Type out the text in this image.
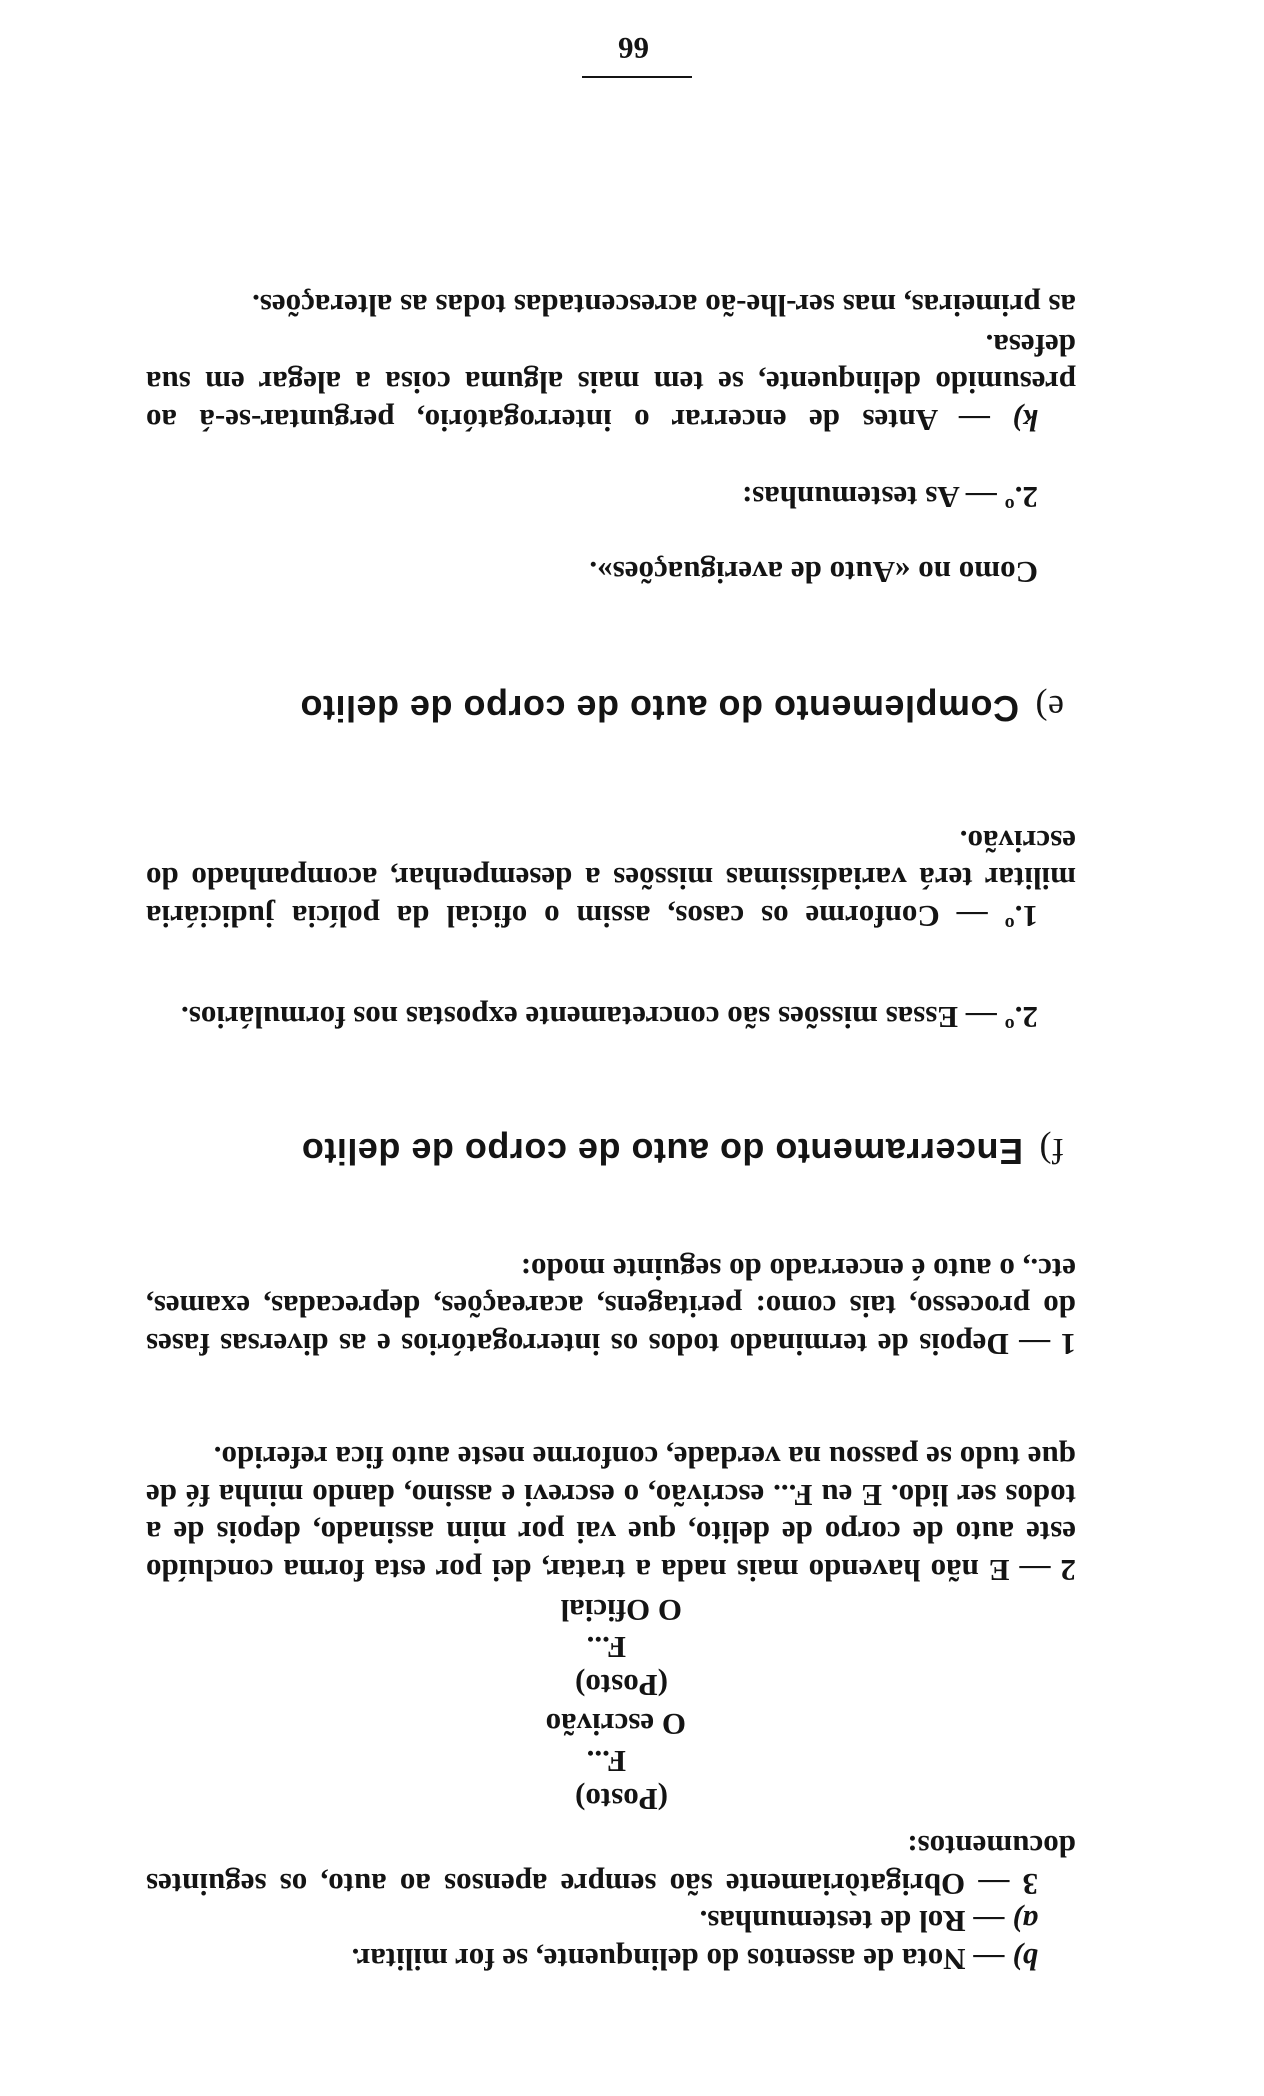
b) — Nota de assentos do delinquente, se for militar.

a) — Rol de testemunhas.

3 — Obrigatòriamente são sempre apensos ao auto, os seguintes documentos:

(Posto)
F...
O escrivão
(Posto)
F...
O Oficial

2 — E não havendo mais nada a tratar, dei por esta forma concluído este auto de corpo de delito, que vai por mim assinado, depois de a todos ser lido. E eu F... escrivão, o escrevi e assino, dando minha fé de que tudo se passou na verdade, conforme neste auto fica referido.

1 — Depois de terminado todos os interrogatórios e as diversas fases do processo, tais como: peritagens, acareações, deprecadas, exames, etc., o auto é encerrado do seguinte modo:

f)Encerramento do auto de corpo de delito

2.º — Essas missões são concretamente expostas nos formulários.

1.º — Conforme os casos, assim o oficial da polícia judiciária militar terá variadíssimas missões a desempenhar, acompanhado do escrivão.

e)Complemento do auto de corpo de delito

Como no «Auto de averiguações».

2.º — As testemunhas:

k) — Antes de encerrar o interrogatório, perguntar-se-á ao presumido delinquente, se tem mais alguma coisa a alegar em sua defesa.

as primeiras, mas ser-lhe-ão acrescentadas todas as alterações.

66
